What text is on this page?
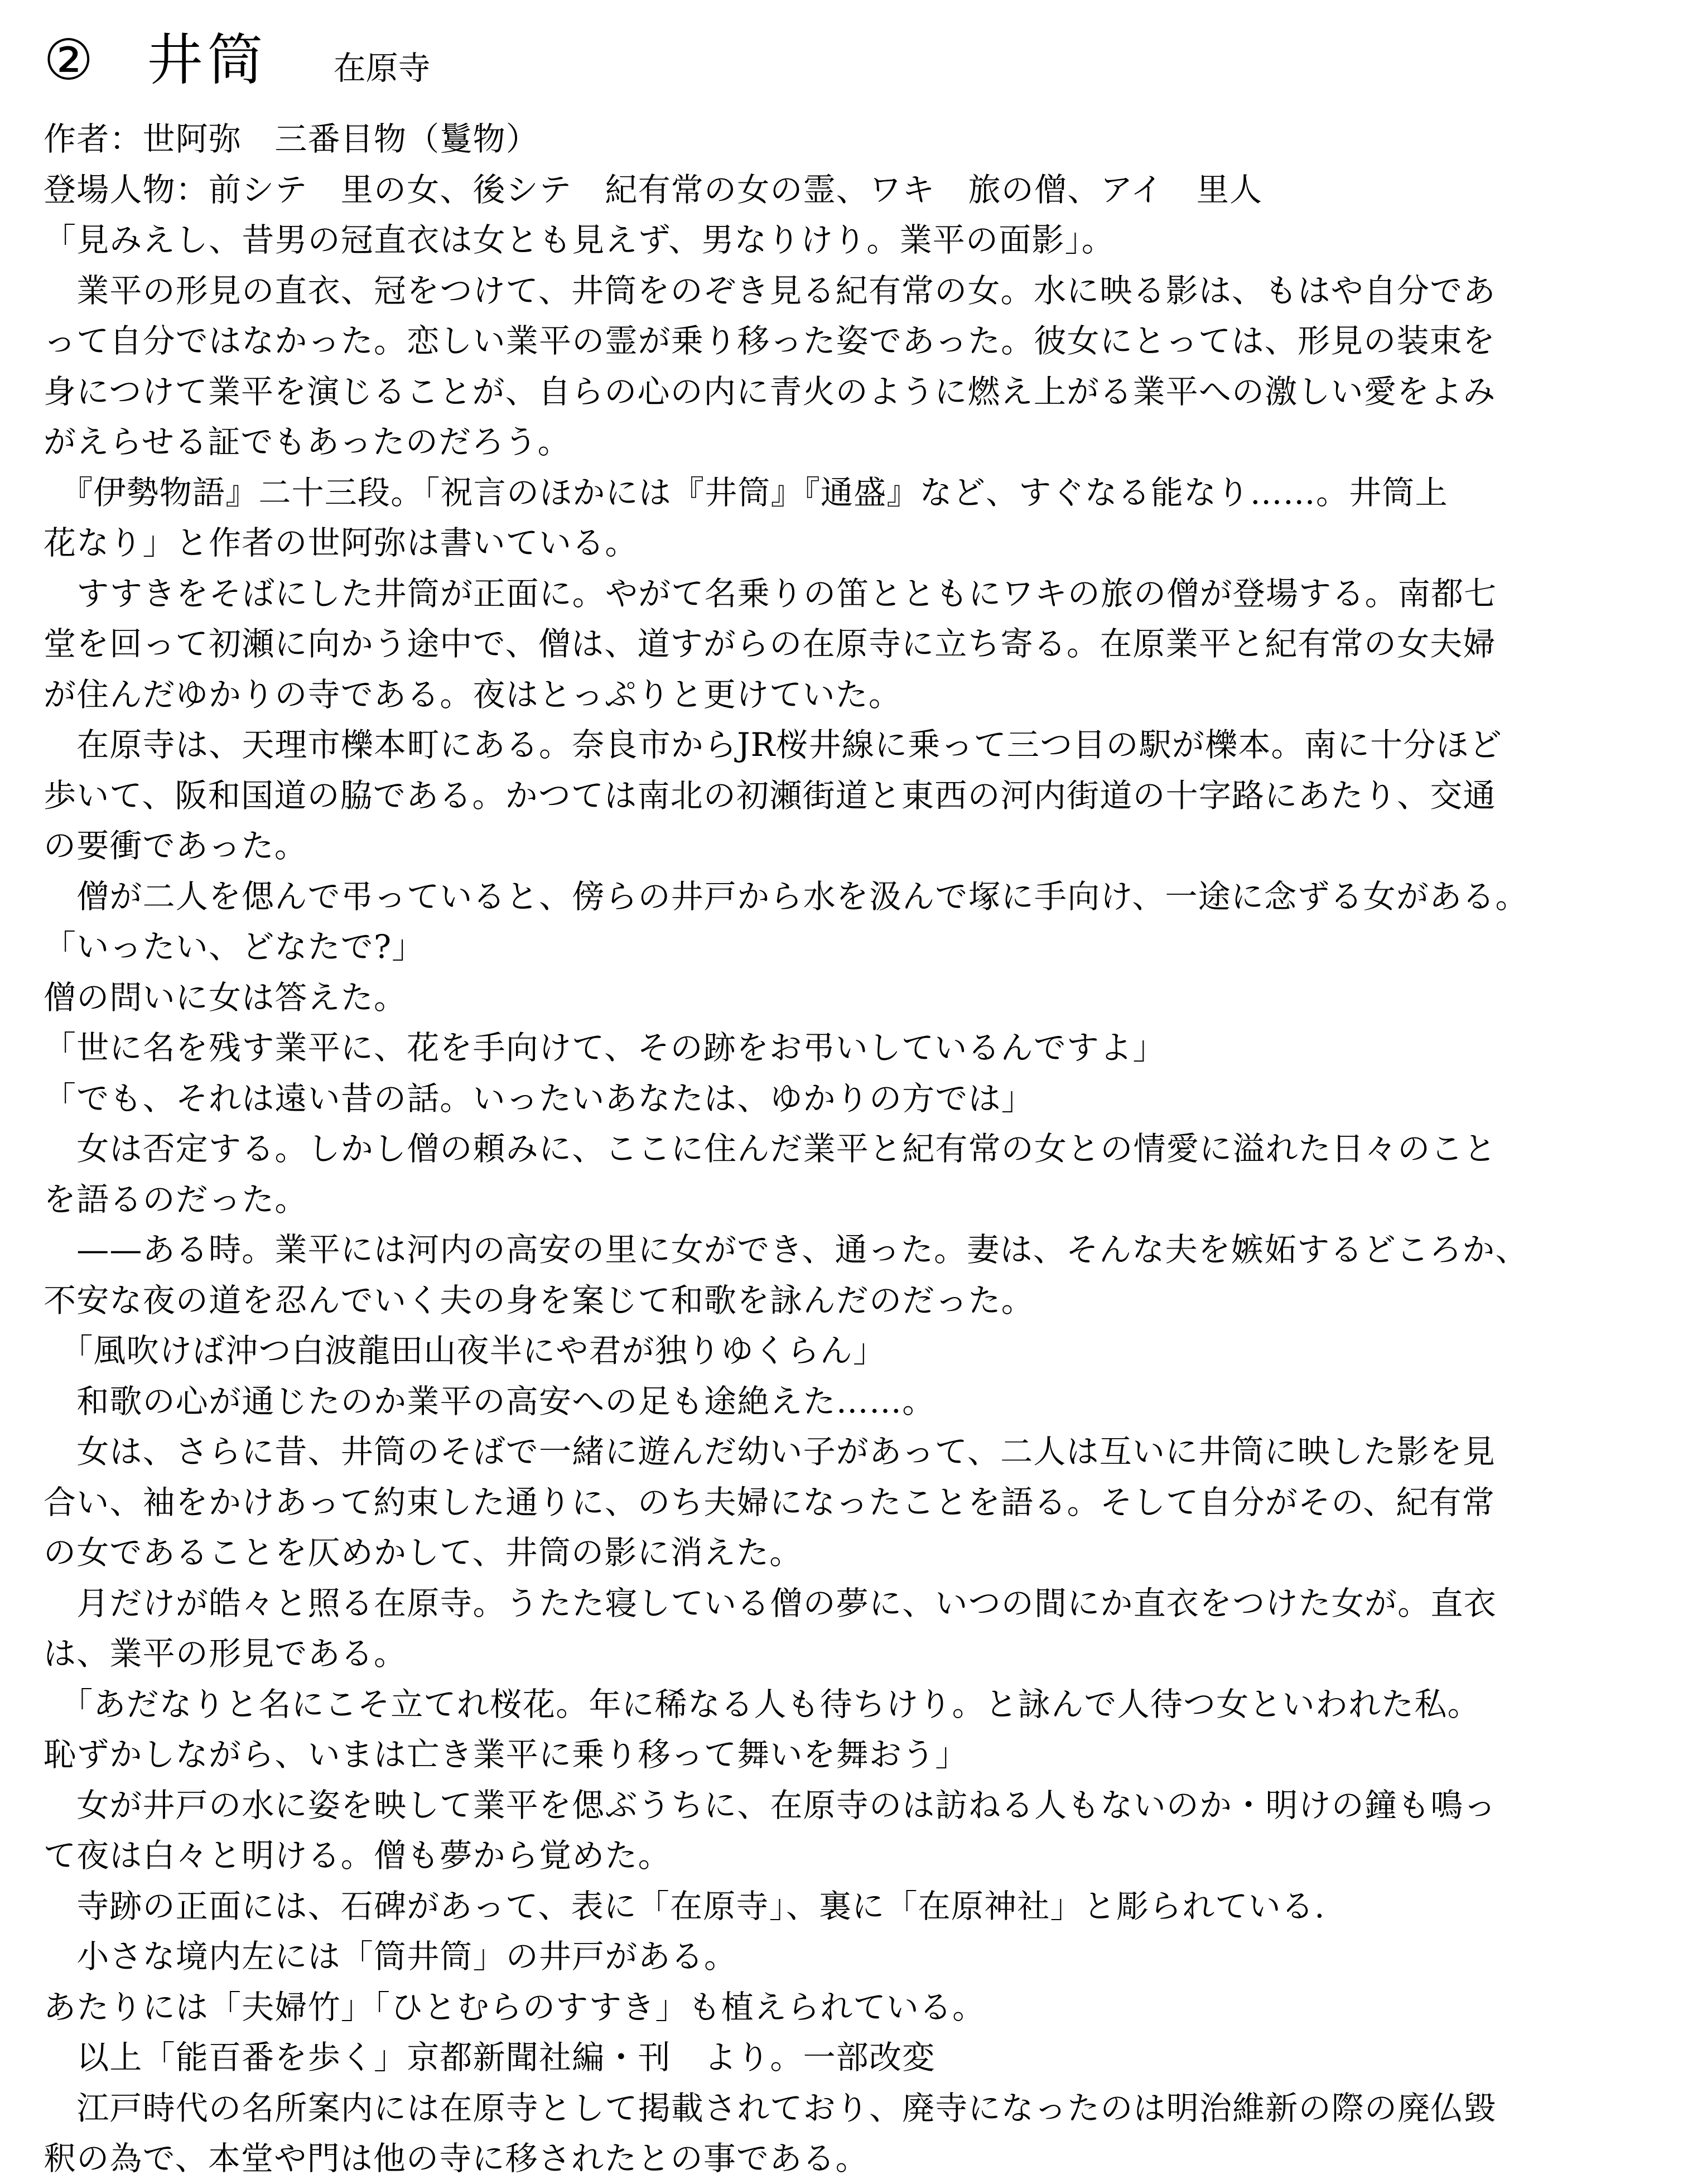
② 井筒 在原寺
作者：世阿弥　三番目物（鬘物）
登場人物：前シテ　里の女、後シテ　紀有常の女の霊、ワキ　旅の僧、アイ　里人
「見みえし、昔男の冠直衣は女とも見えず、男なりけり。業平の面影」。
　業平の形見の直衣、冠をつけて、井筒をのぞき見る紀有常の女。水に映る影は、もはや自分であ
って自分ではなかった。恋しい業平の霊が乗り移った姿であった。彼女にとっては、形見の装束を
身につけて業平を演じることが、自らの心の内に青火のように燃え上がる業平への激しい愛をよみ
がえらせる証でもあったのだろう。
　『伊勢物語』二十三段。「祝言のほかには『井筒』『通盛』など、すぐなる能なり……。井筒上
花なり」と作者の世阿弥は書いている。
　すすきをそばにした井筒が正面に。やがて名乗りの笛とともにワキの旅の僧が登場する。南都七
堂を回って初瀬に向かう途中で、僧は、道すがらの在原寺に立ち寄る。在原業平と紀有常の女夫婦
が住んだゆかりの寺である。夜はとっぷりと更けていた。
　在原寺は、天理市櫟本町にある。奈良市からJR桜井線に乗って三つ目の駅が櫟本。南に十分ほど
歩いて、阪和国道の脇である。かつては南北の初瀬街道と東西の河内街道の十字路にあたり、交通
の要衝であった。
　僧が二人を偲んで弔っていると、傍らの井戸から水を汲んで塚に手向け、一途に念ずる女がある。
「いったい、どなたで?」
僧の問いに女は答えた。
「世に名を残す業平に、花を手向けて、その跡をお弔いしているんですよ」
「でも、それは遠い昔の話。いったいあなたは、ゆかりの方では」
　女は否定する。しかし僧の頼みに、ここに住んだ業平と紀有常の女との情愛に溢れた日々のこと
を語るのだった。
　——ある時。業平には河内の高安の里に女ができ、通った。妻は、そんな夫を嫉妬するどころか、
不安な夜の道を忍んでいく夫の身を案じて和歌を詠んだのだった。
　「風吹けば沖つ白波龍田山夜半にや君が独りゆくらん」
　和歌の心が通じたのか業平の高安への足も途絶えた……。
　女は、さらに昔、井筒のそばで一緒に遊んだ幼い子があって、二人は互いに井筒に映した影を見
合い、袖をかけあって約束した通りに、のち夫婦になったことを語る。そして自分がその、紀有常
の女であることを仄めかして、井筒の影に消えた。
　月だけが皓々と照る在原寺。うたた寝している僧の夢に、いつの間にか直衣をつけた女が。直衣
は、業平の形見である。
　「あだなりと名にこそ立てれ桜花。年に稀なる人も待ちけり。と詠んで人待つ女といわれた私。
恥ずかしながら、いまは亡き業平に乗り移って舞いを舞おう」
　女が井戸の水に姿を映して業平を偲ぶうちに、在原寺のは訪ねる人もないのか・明けの鐘も鳴っ
て夜は白々と明ける。僧も夢から覚めた。
　寺跡の正面には、石碑があって、表に「在原寺」、裏に「在原神社」と彫られている.
　小さな境内左には「筒井筒」の井戸がある。
あたりには「夫婦竹」「ひとむらのすすき」も植えられている。
　以上「能百番を歩く」京都新聞社編・刊　より。一部改変
　江戸時代の名所案内には在原寺として掲載されており、廃寺になったのは明治維新の際の廃仏毀
釈の為で、本堂や門は他の寺に移されたとの事である。
